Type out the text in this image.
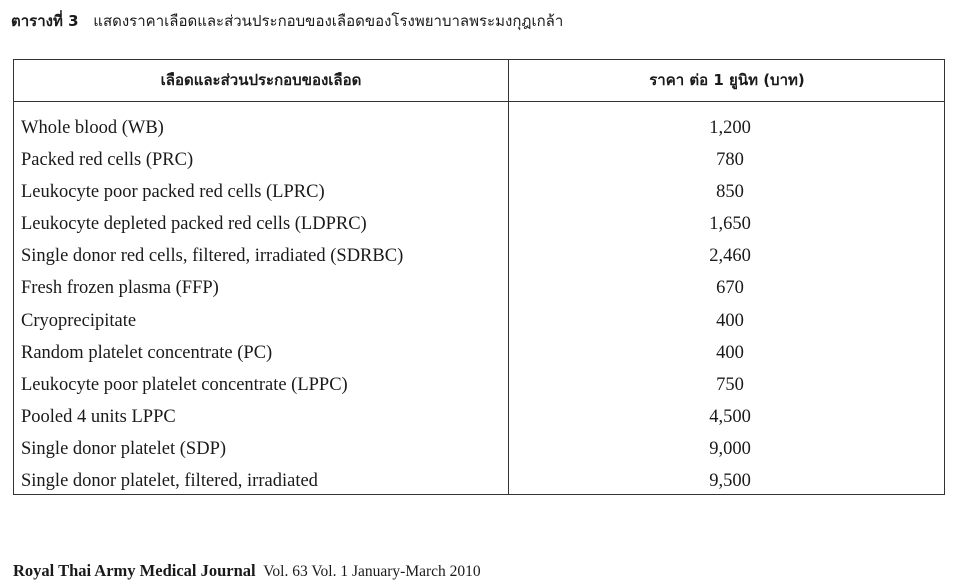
ตารางที่ 3 แสดงราคาเลือดและส่วนประกอบของเลือดของโรงพยาบาลพระมงกุฎเกล้า
เลือดและส่วนประกอบของเลือด	ราคา ต่อ 1 ยูนิท (บาท)
Whole blood (WB)	1,200
Packed red cells (PRC)	780
Leukocyte poor packed red cells (LPRC)	850
Leukocyte depleted packed red cells (LDPRC)	1,650
Single donor red cells, filtered, irradiated (SDRBC)	2,460
Fresh frozen plasma (FFP)	670
Cryoprecipitate	400
Random platelet concentrate (PC)	400
Leukocyte poor platelet concentrate (LPPC)	750
Pooled 4 units LPPC	4,500
Single donor platelet (SDP)	9,000
Single donor platelet, filtered, irradiated	9,500
Royal Thai Army Medical Journal Vol. 63 Vol. 1 January-March 2010
